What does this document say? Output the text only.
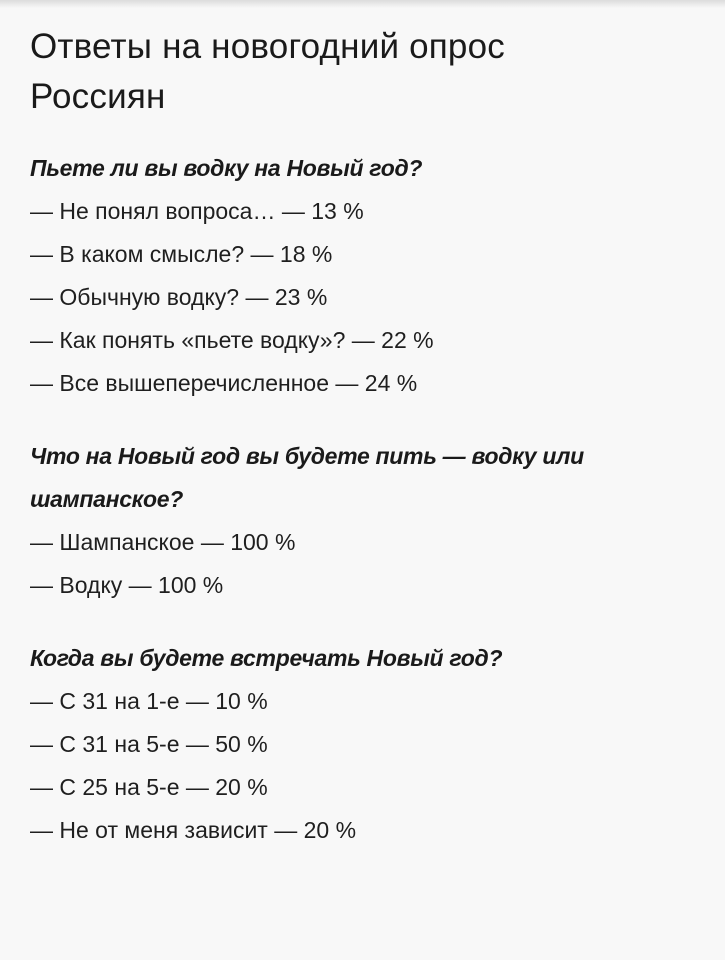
Ответы на новогодний опрос Россиян

Пьете ли вы водку на Новый год?

— Не понял вопроса… — 13 %
— В каком смысле? — 18 %
— Обычную водку? — 23 %
— Как понять «пьете водку»? — 22 %
— Все вышеперечисленное — 24 %

Что на Новый год вы будете пить — водку или шампанское?

— Шампанское — 100 %
— Водку — 100 %

Когда вы будете встречать Новый год?

— С 31 на 1-е — 10 %
— С 31 на 5-е — 50 %
— С 25 на 5-е — 20 %
— Не от меня зависит — 20 %
